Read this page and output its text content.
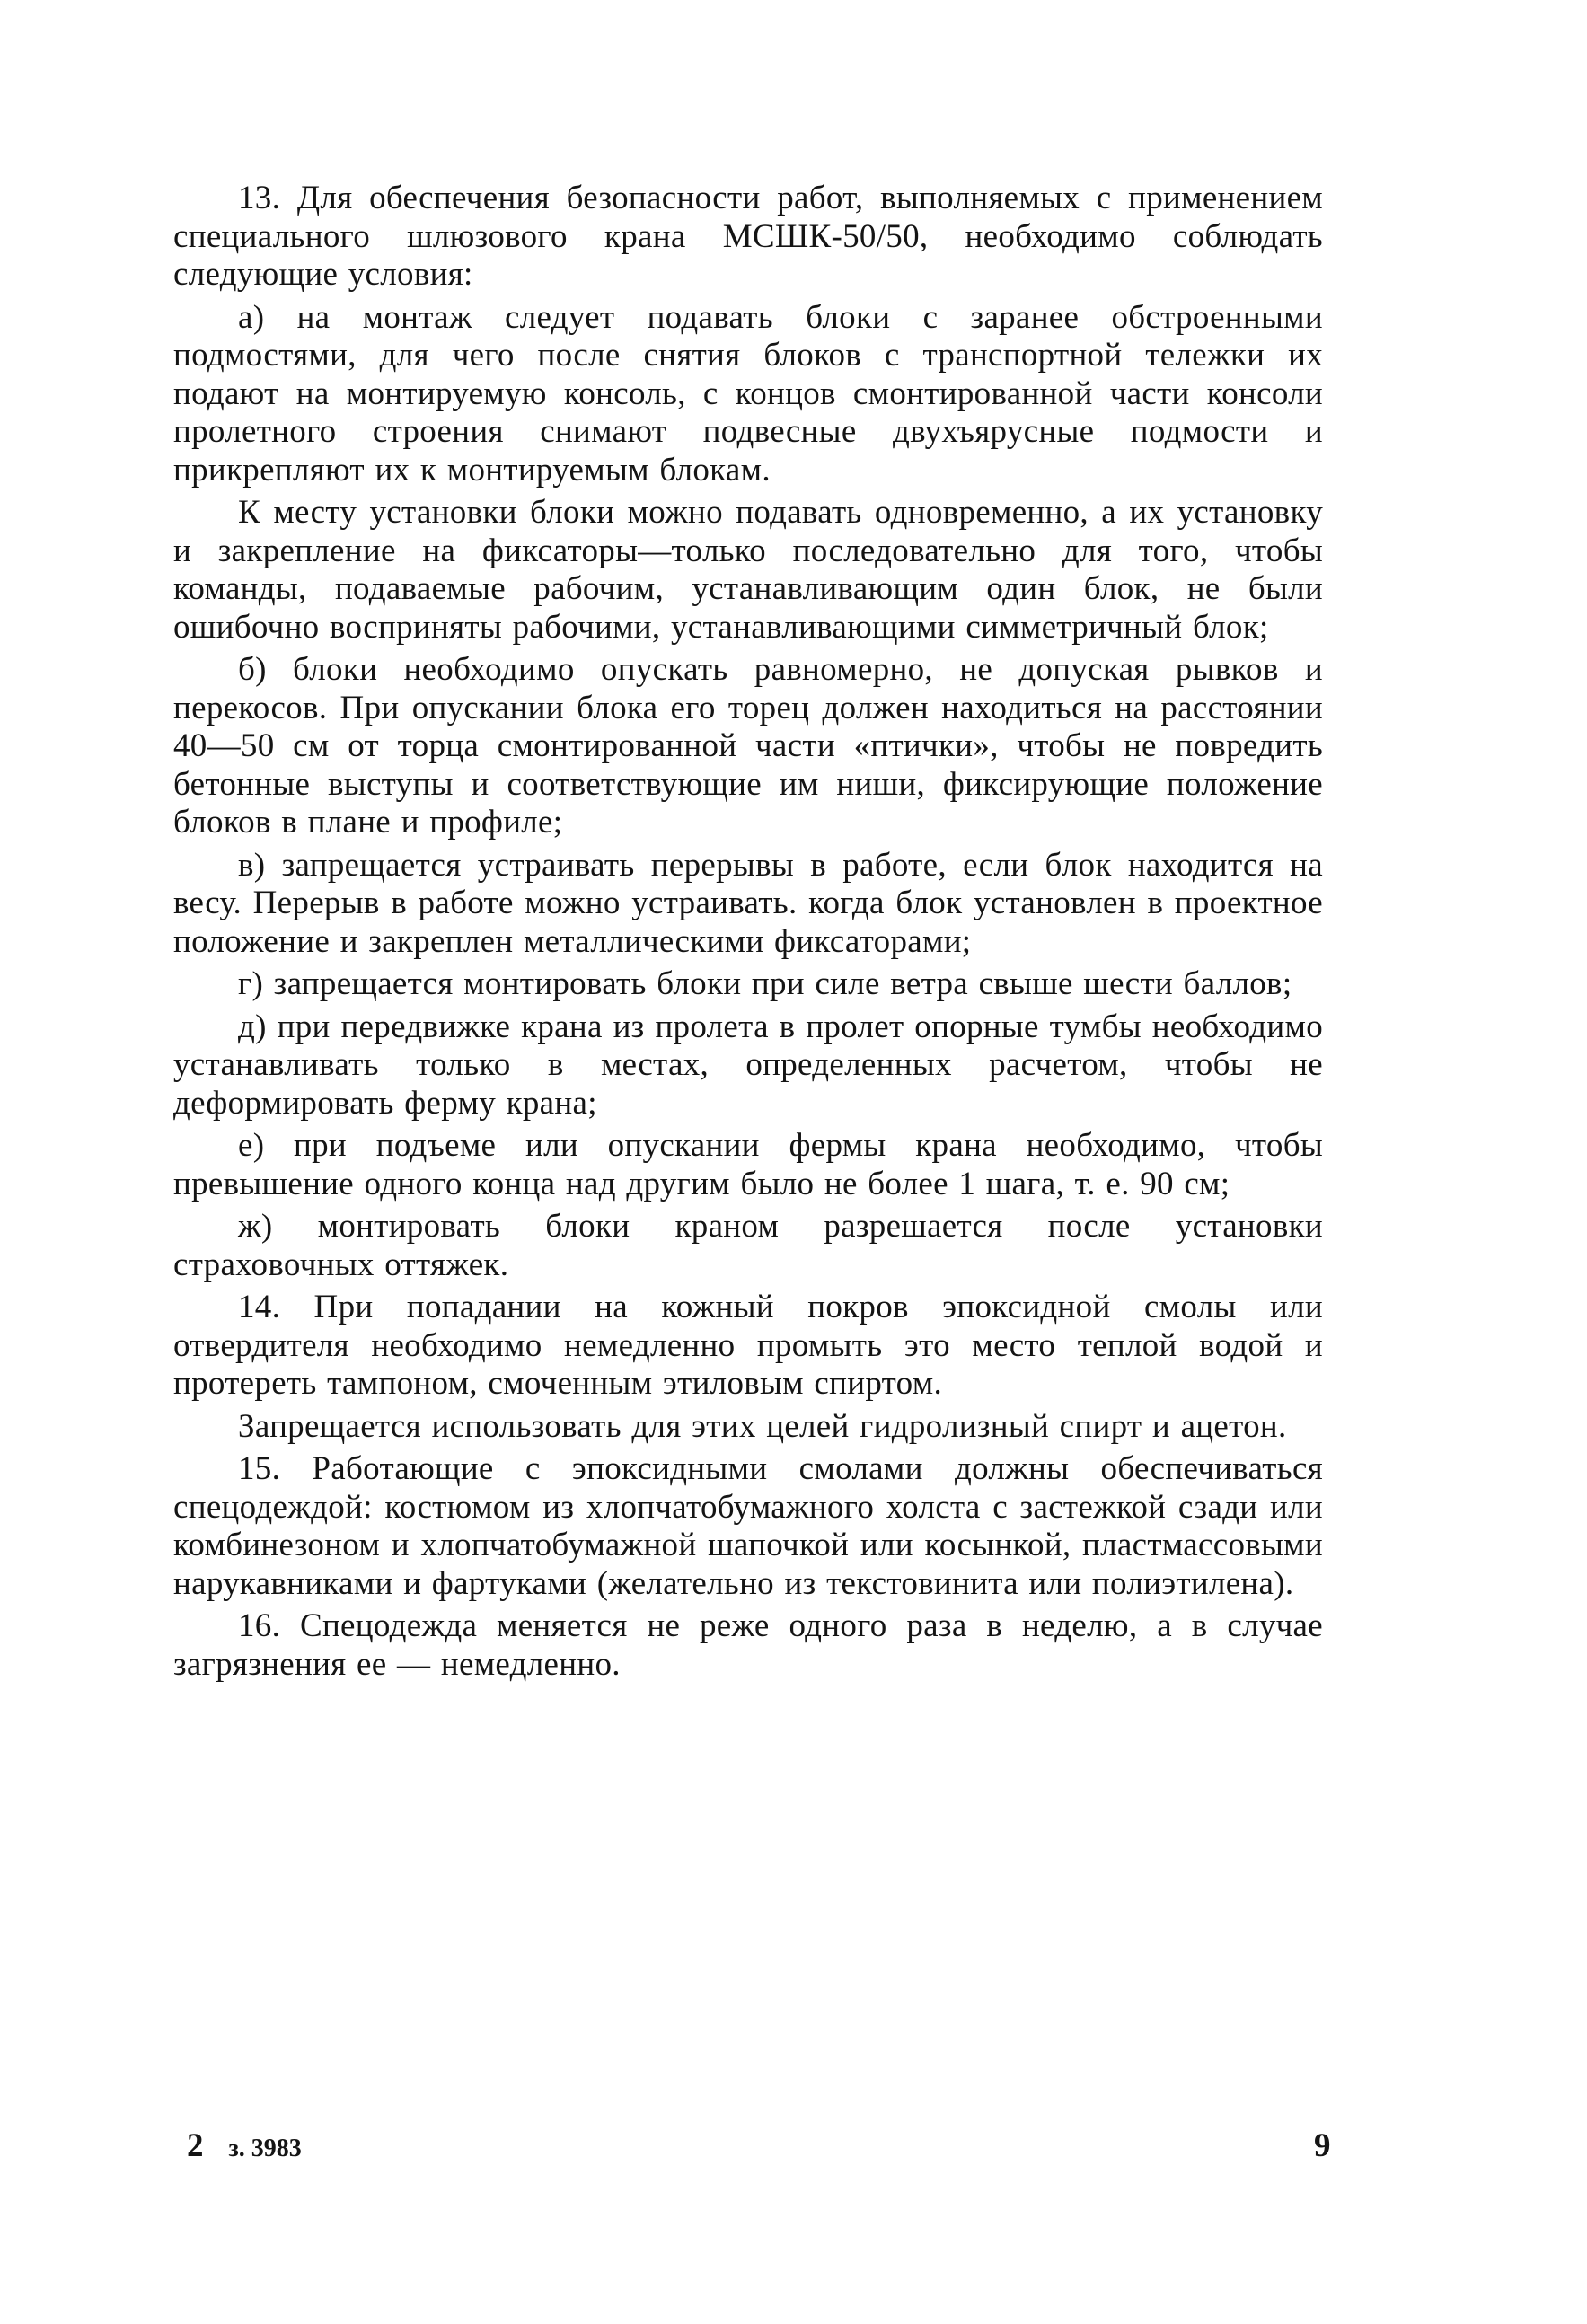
13. Для обеспечения безопасности работ, выполняемых с применением специального шлюзового крана МСШК-50/50, необходимо соблюдать следующие условия:

а) на монтаж следует подавать блоки с заранее обстроенными подмостями, для чего после снятия блоков с транспортной тележки их подают на монтируемую консоль, с концов смонтированной части консоли пролетного строения снимают подвесные двухъярусные подмости и прикрепляют их к монтируемым блокам.

К месту установки блоки можно подавать одновременно, а их установку и закрепление на фиксаторы—только последовательно для того, чтобы команды, подаваемые рабочим, устанавливающим один блок, не были ошибочно восприняты рабочими, устанавливающими симметричный блок;

б) блоки необходимо опускать равномерно, не допуская рывков и перекосов. При опускании блока его торец должен находиться на расстоянии 40—50 см от торца смонтированной части «птички», чтобы не повредить бетонные выступы и соответствующие им ниши, фиксирующие положение блоков в плане и профиле;

в) запрещается устраивать перерывы в работе, если блок находится на весу. Перерыв в работе можно устраивать. когда блок установлен в проектное положение и закреплен металлическими фиксаторами;

г) запрещается монтировать блоки при силе ветра свыше шести баллов;

д) при передвижке крана из пролета в пролет опорные тумбы необходимо устанавливать только в местах, определенных расчетом, чтобы не деформировать ферму крана;

е) при подъеме или опускании фермы крана необходимо, чтобы превышение одного конца над другим было не более 1 шага, т. е. 90 см;

ж) монтировать блоки краном разрешается после установки страховочных оттяжек.

14. При попадании на кожный покров эпоксидной смолы или отвердителя необходимо немедленно промыть это место теплой водой и протереть тампоном, смоченным этиловым спиртом.

Запрещается использовать для этих целей гидролизный спирт и ацетон.

15. Работающие с эпоксидными смолами должны обеспечиваться спецодеждой: костюмом из хлопчатобумажного холста с застежкой сзади или комбинезоном и хлопчатобумажной шапочкой или косынкой, пластмассовыми нарукавниками и фартуками (желательно из текстовинита или полиэтилена).

16. Спецодежда меняется не реже одного раза в неделю, а в случае загрязнения ее — немедленно.

2 з. 3983	9
